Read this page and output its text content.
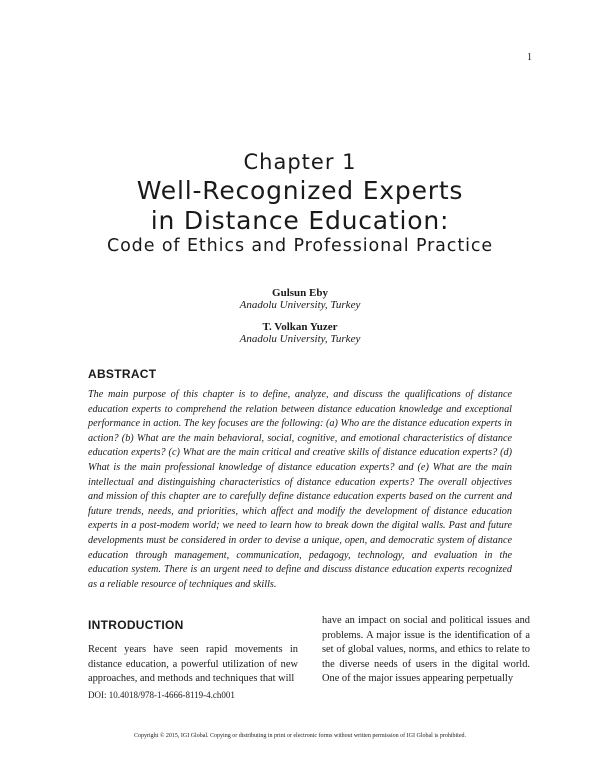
1
Chapter 1
Well-Recognized Experts
in Distance Education:
Code of Ethics and Professional Practice
Gulsun Eby
Anadolu University, Turkey
T. Volkan Yuzer
Anadolu University, Turkey
ABSTRACT
The main purpose of this chapter is to define, analyze, and discuss the qualifications of distance education experts to comprehend the relation between distance education knowledge and exceptional performance in action. The key focuses are the following: (a) Who are the distance education experts in action? (b) What are the main behavioral, social, cognitive, and emotional characteristics of distance education experts? (c) What are the main critical and creative skills of distance education experts? (d) What is the main professional knowledge of distance education experts? and (e) What are the main intellectual and distinguishing characteristics of distance education experts? The overall objectives and mission of this chapter are to carefully define distance education experts based on the current and future trends, needs, and priorities, which affect and modify the development of distance education experts in a post-modem world; we need to learn how to break down the digital walls. Past and future developments must be considered in order to devise a unique, open, and democratic system of distance education through management, communication, pedagogy, technology, and evaluation in the education system. There is an urgent need to define and discuss distance education experts recognized as a reliable resource of techniques and skills.
INTRODUCTION
Recent years have seen rapid movements in distance education, a powerful utilization of new approaches, and methods and techniques that will
have an impact on social and political issues and problems. A major issue is the identification of a set of global values, norms, and ethics to relate to the diverse needs of users in the digital world. One of the major issues appearing perpetually
DOI: 10.4018/978-1-4666-8119-4.ch001
Copyright © 2015, IGI Global. Copying or distributing in print or electronic forms without written permission of IGI Global is prohibited.
